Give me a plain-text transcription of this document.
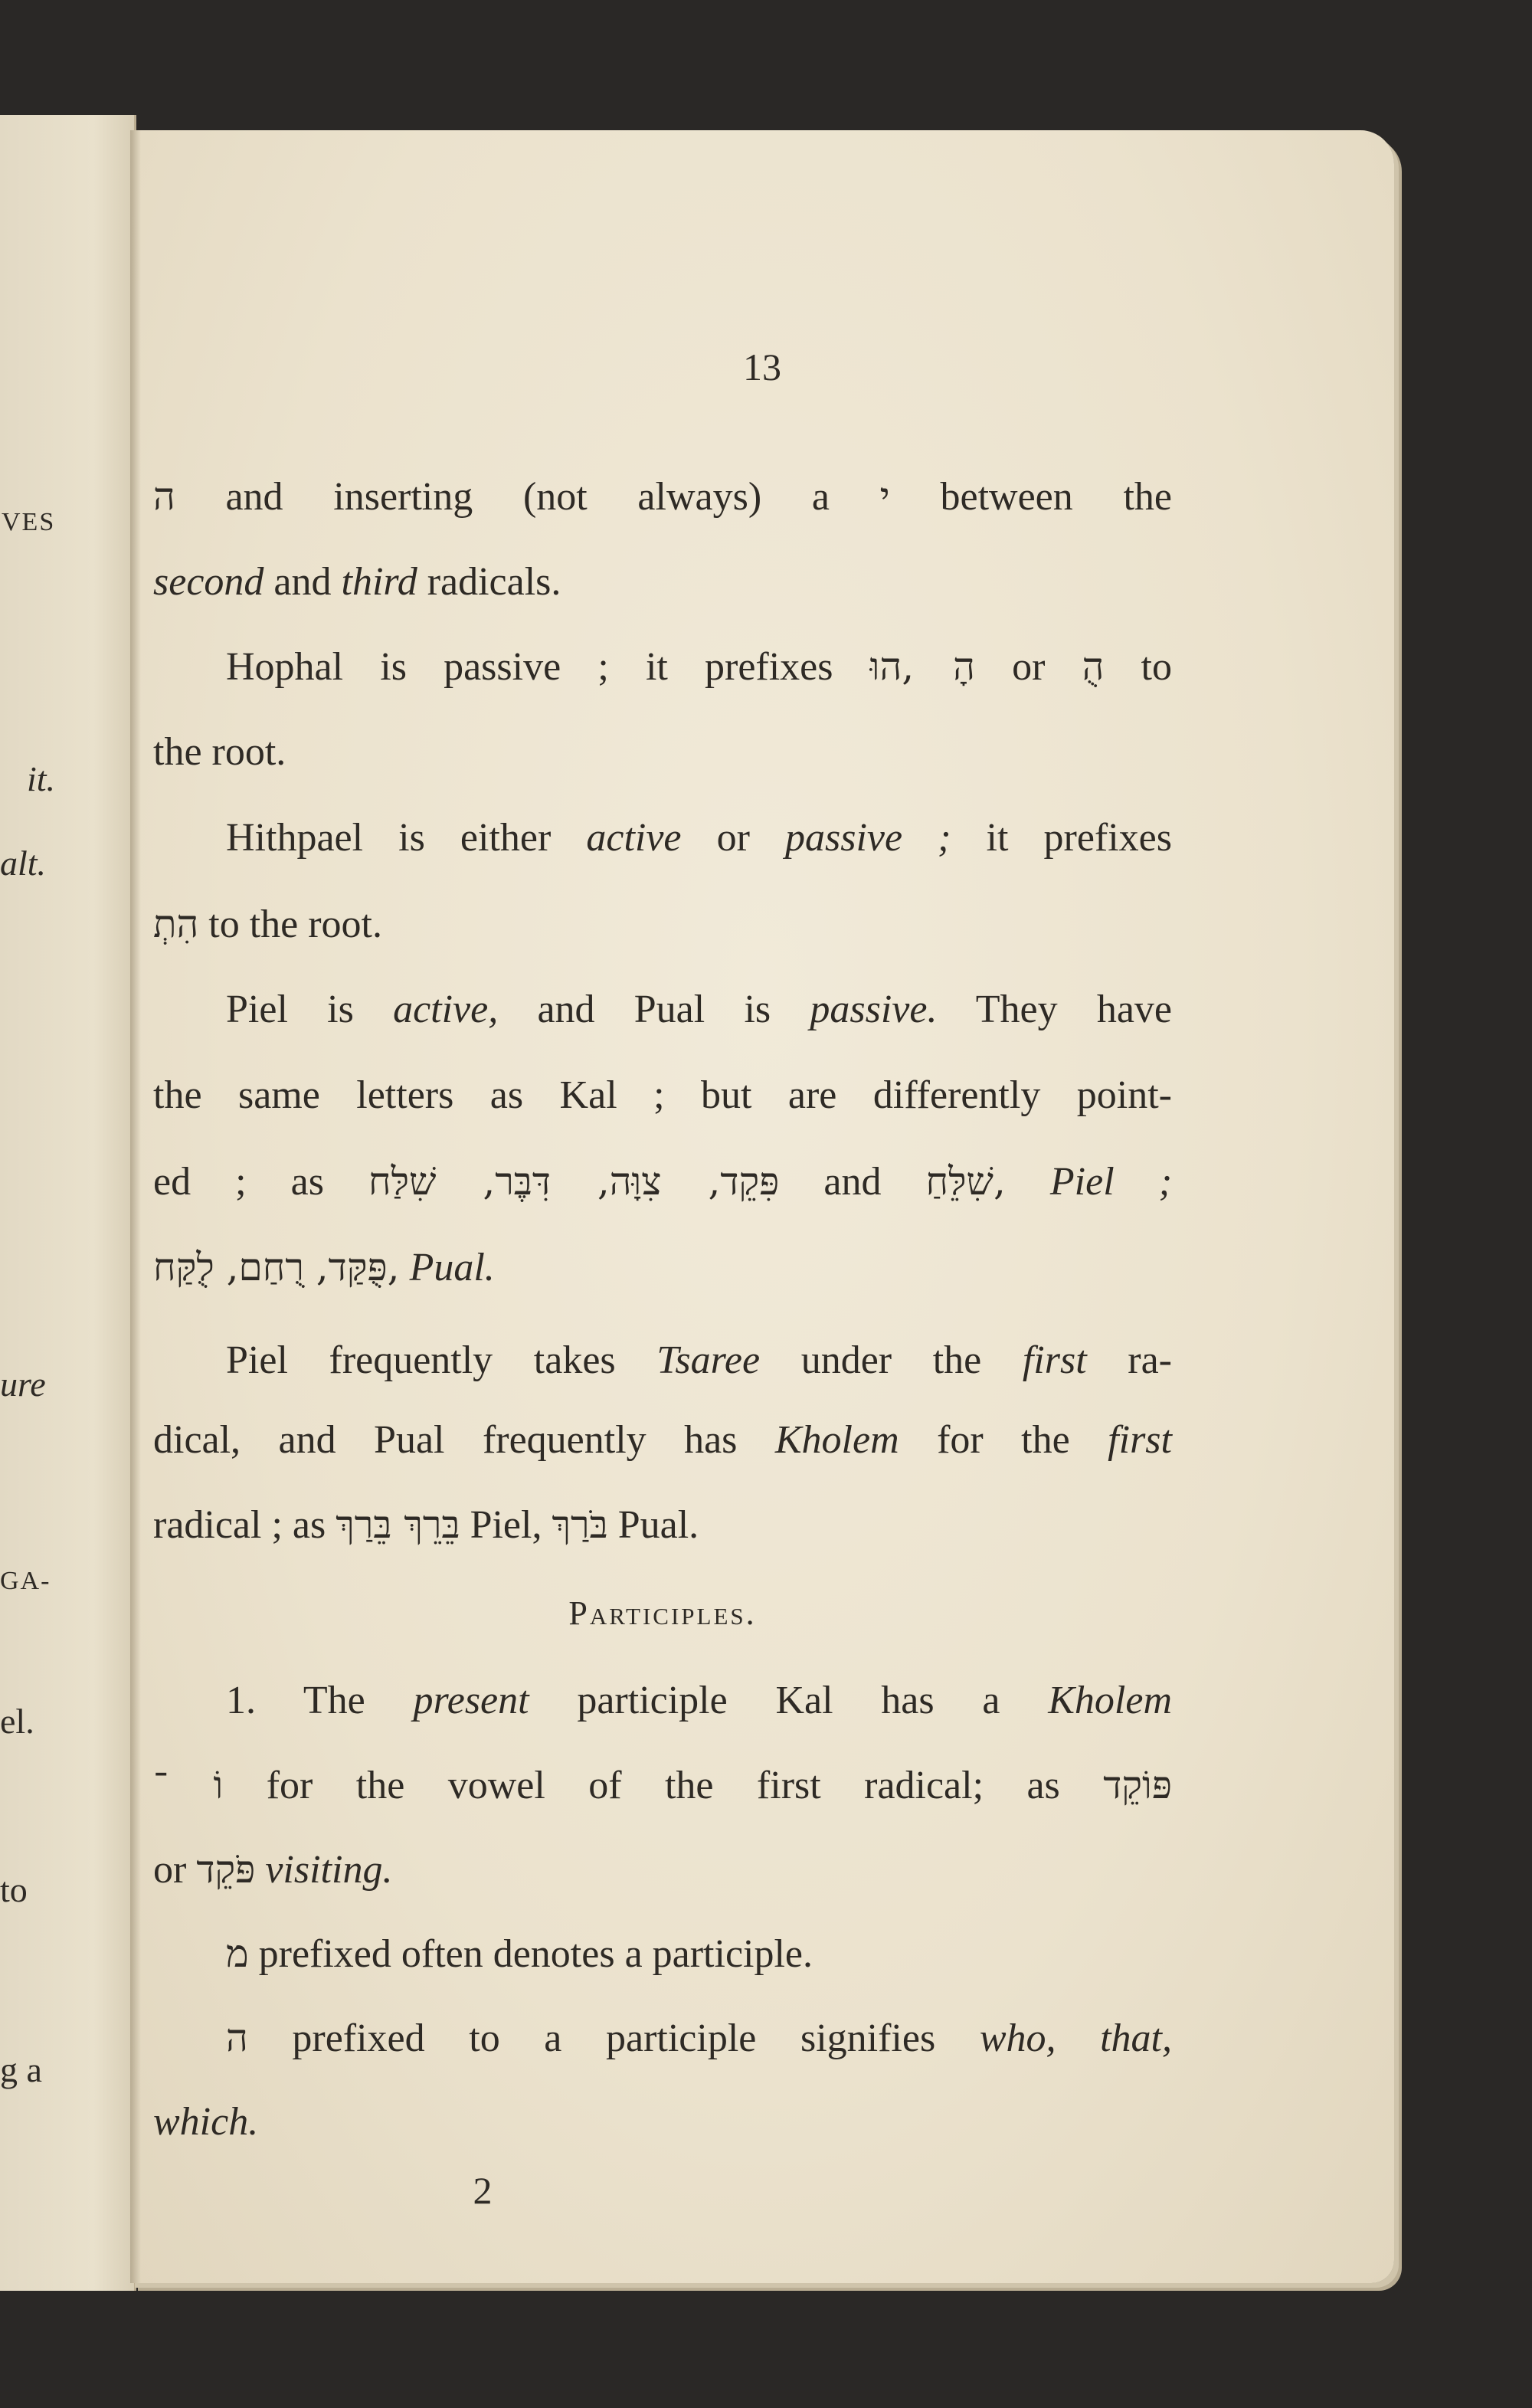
VES
it.
alt.
ure
GA-
el.
to
g a
13
ה and inserting (not always) a י between the
second and third radicals.
Hophal is passive ; it prefixes הָ ,הוּ or הֻ to
the root.
Hithpael is either active or passive ; it prefixes
הִתְ to the root.
Piel is active, and Pual is passive. They have
the same letters as Kal ; but are differently point-
ed ; as פִּקֵד, צִוָּה, דִּבֶּר, שִׁלַּח and שִׁלֵּחַ, Piel ;
פֻּקַּד, רֻחַם, לֻקַּח, Pual.
Piel frequently takes Tsaree under the first ra-
dical, and Pual frequently has Kholem for the first
radical ; as בֵּרֵךְ בֵּרַךְ Piel, בֹּרַךְ Pual.
Participles.
1. The present participle Kal has a Kholem
וֹ ־ for the vowel of the first radical; as פּוֹקֵד
or פֹּקֵד visiting.
מ prefixed often denotes a participle.
ה prefixed to a participle signifies who, that,
which.
2
